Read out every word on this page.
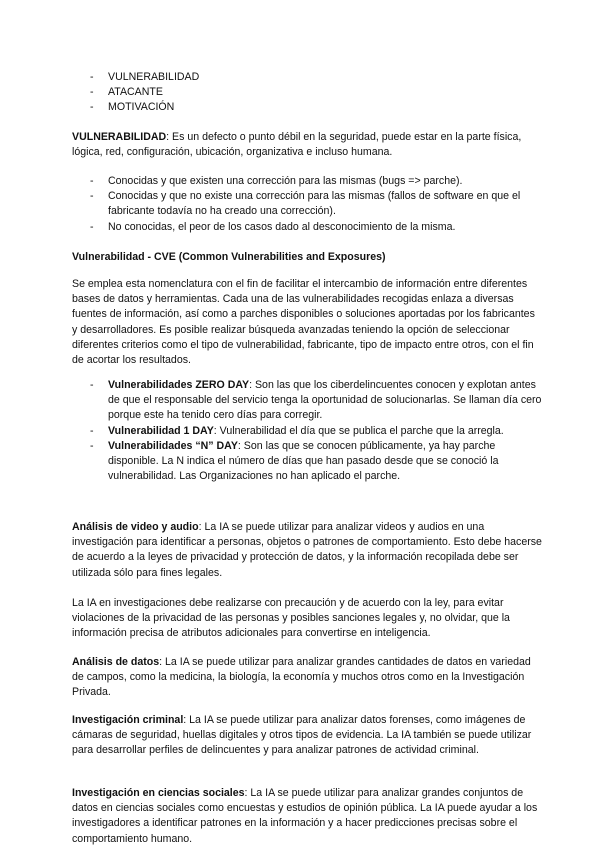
- VULNERABILIDAD
- ATACANTE
- MOTIVACIÓN

VULNERABILIDAD: Es un defecto o punto débil en la seguridad, puede estar en la parte física, lógica, red, configuración, ubicación, organizativa e incluso humana.

- Conocidas y que existen una corrección para las mismas (bugs => parche).
- Conocidas y que no existe una corrección para las mismas (fallos de software en que el fabricante todavía no ha creado una corrección).
- No conocidas, el peor de los casos dado al desconocimiento de la misma.

Vulnerabilidad - CVE (Common Vulnerabilities and Exposures)

Se emplea esta nomenclatura con el fin de facilitar el intercambio de información entre diferentes bases de datos y herramientas. Cada una de las vulnerabilidades recogidas enlaza a diversas fuentes de información, así como a parches disponibles o soluciones aportadas por los fabricantes y desarrolladores. Es posible realizar búsqueda avanzadas teniendo la opción de seleccionar diferentes criterios como el tipo de vulnerabilidad, fabricante, tipo de impacto entre otros, con el fin de acortar los resultados.

- Vulnerabilidades ZERO DAY: Son las que los ciberdelincuentes conocen y explotan antes de que el responsable del servicio tenga la oportunidad de solucionarlas. Se llaman día cero porque este ha tenido cero días para corregir.
- Vulnerabilidad 1 DAY: Vulnerabilidad el día que se publica el parche que la arregla.
- Vulnerabilidades “N” DAY: Son las que se conocen públicamente, ya hay parche disponible. La N indica el número de días que han pasado desde que se conoció la vulnerabilidad. Las Organizaciones no han aplicado el parche.

Análisis de video y audio: La IA se puede utilizar para analizar videos y audios en una investigación para identificar a personas, objetos o patrones de comportamiento. Esto debe hacerse de acuerdo a la leyes de privacidad y protección de datos, y la información recopilada debe ser utilizada sólo para fines legales.

La IA en investigaciones debe realizarse con precaución y de acuerdo con la ley, para evitar violaciones de la privacidad de las personas y posibles sanciones legales y, no olvidar, que la información precisa de atributos adicionales para convertirse en inteligencia.

Análisis de datos: La IA se puede utilizar para analizar grandes cantidades de datos en variedad de campos, como la medicina, la biología, la economía y muchos otros como en la Investigación Privada.

Investigación criminal: La IA se puede utilizar para analizar datos forenses, como imágenes de cámaras de seguridad, huellas digitales y otros tipos de evidencia. La IA también se puede utilizar para desarrollar perfiles de delincuentes y para analizar patrones de actividad criminal.

Investigación en ciencias sociales: La IA se puede utilizar para analizar grandes conjuntos de datos en ciencias sociales como encuestas y estudios de opinión pública. La IA puede ayudar a los investigadores a identificar patrones en la información y a hacer predicciones precisas sobre el comportamiento humano.
